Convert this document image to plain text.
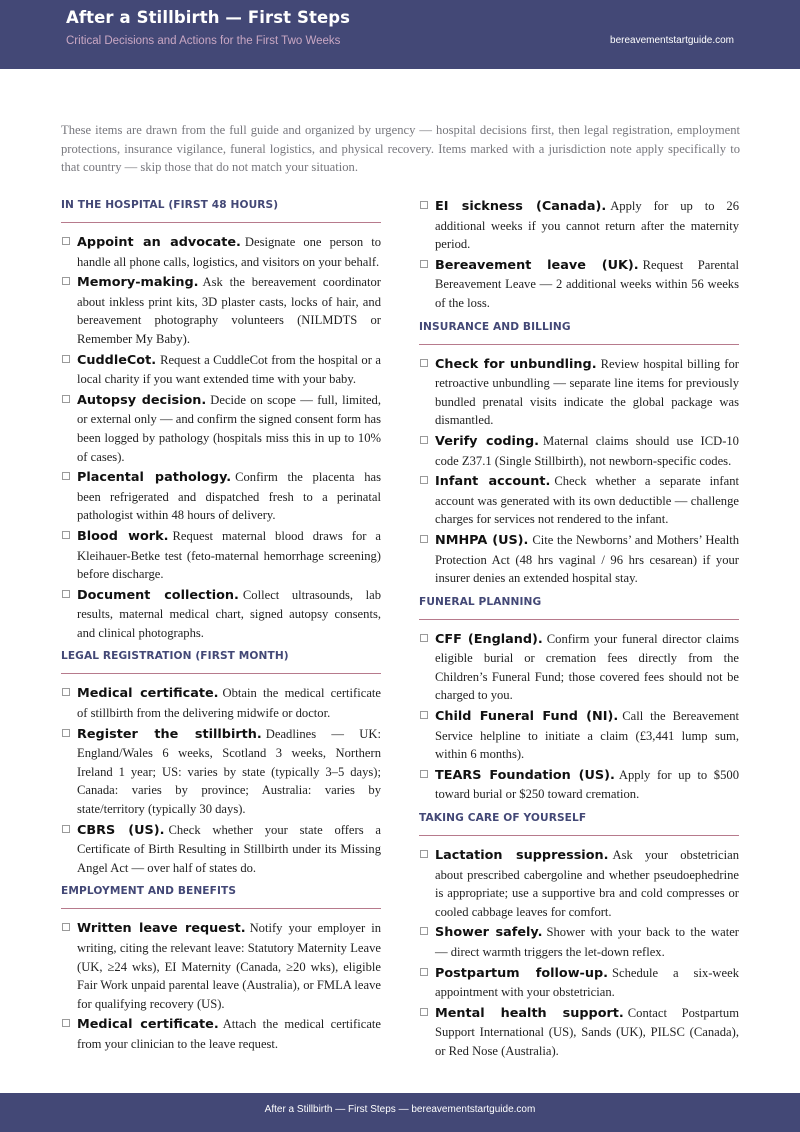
After a Stillbirth — First Steps
Critical Decisions and Actions for the First Two Weeks	bereavementstartguide.com
These items are drawn from the full guide and organized by urgency — hospital decisions first, then legal registration, employment protections, insurance vigilance, funeral logistics, and physical recovery. Items marked with a jurisdiction note apply specifically to that country — skip those that do not match your situation.
IN THE HOSPITAL (FIRST 48 HOURS)
Appoint an advocate. Designate one person to handle all phone calls, logistics, and visitors on your behalf.
Memory-making. Ask the bereavement coordinator about inkless print kits, 3D plaster casts, locks of hair, and bereavement photography volunteers (NILMDTS or Remember My Baby).
CuddleCot. Request a CuddleCot from the hospital or a local charity if you want extended time with your baby.
Autopsy decision. Decide on scope — full, limited, or external only — and confirm the signed consent form has been logged by pathology (hospitals miss this in up to 10% of cases).
Placental pathology. Confirm the placenta has been refrigerated and dispatched fresh to a perinatal pathologist within 48 hours of delivery.
Blood work. Request maternal blood draws for a Kleihauer-Betke test (feto-maternal hemorrhage screening) before discharge.
Document collection. Collect ultrasounds, lab results, maternal medical chart, signed autopsy consents, and clinical photographs.
LEGAL REGISTRATION (FIRST MONTH)
Medical certificate. Obtain the medical certificate of stillbirth from the delivering midwife or doctor.
Register the stillbirth. Deadlines — UK: England/Wales 6 weeks, Scotland 3 weeks, Northern Ireland 1 year; US: varies by state (typically 3–5 days); Canada: varies by province; Australia: varies by state/territory (typically 30 days).
CBRS (US). Check whether your state offers a Certificate of Birth Resulting in Stillbirth under its Missing Angel Act — over half of states do.
EMPLOYMENT AND BENEFITS
Written leave request. Notify your employer in writing, citing the relevant leave: Statutory Maternity Leave (UK, ≥24 wks), EI Maternity (Canada, ≥20 wks), eligible Fair Work unpaid parental leave (Australia), or FMLA leave for qualifying recovery (US).
Medical certificate. Attach the medical certificate from your clinician to the leave request.
EI sickness (Canada). Apply for up to 26 additional weeks if you cannot return after the maternity period.
Bereavement leave (UK). Request Parental Bereavement Leave — 2 additional weeks within 56 weeks of the loss.
INSURANCE AND BILLING
Check for unbundling. Review hospital billing for retroactive unbundling — separate line items for previously bundled prenatal visits indicate the global package was dismantled.
Verify coding. Maternal claims should use ICD-10 code Z37.1 (Single Stillbirth), not newborn-specific codes.
Infant account. Check whether a separate infant account was generated with its own deductible — challenge charges for services not rendered to the infant.
NMHPA (US). Cite the Newborns’ and Mothers’ Health Protection Act (48 hrs vaginal / 96 hrs cesarean) if your insurer denies an extended hospital stay.
FUNERAL PLANNING
CFF (England). Confirm your funeral director claims eligible burial or cremation fees directly from the Children’s Funeral Fund; those covered fees should not be charged to you.
Child Funeral Fund (NI). Call the Bereavement Service helpline to initiate a claim (£3,441 lump sum, within 6 months).
TEARS Foundation (US). Apply for up to $500 toward burial or $250 toward cremation.
TAKING CARE OF YOURSELF
Lactation suppression. Ask your obstetrician about prescribed cabergoline and whether pseudoephedrine is appropriate; use a supportive bra and cold compresses or cooled cabbage leaves for comfort.
Shower safely. Shower with your back to the water — direct warmth triggers the let-down reflex.
Postpartum follow-up. Schedule a six-week appointment with your obstetrician.
Mental health support. Contact Postpartum Support International (US), Sands (UK), PILSC (Canada), or Red Nose (Australia).
After a Stillbirth — First Steps — bereavementstartguide.com
